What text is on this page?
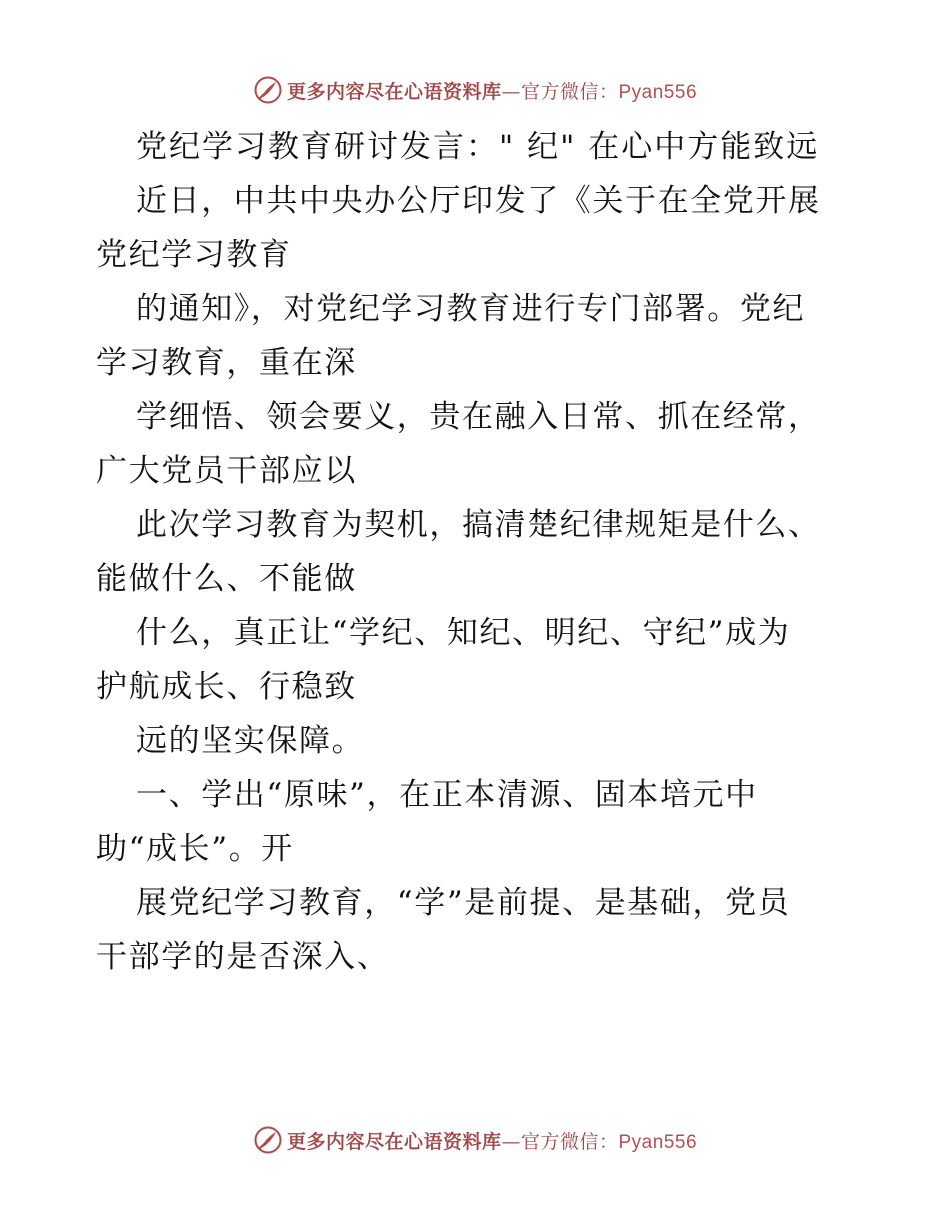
更多内容尽在心语资料库—官方微信：Pyan556
党纪学习教育研讨发言：" 纪" 在心中方能致远
近日，中共中央办公厅印发了《关于在全党开展
党纪学习教育
的通知》，对党纪学习教育进行专门部署。党纪
学习教育，重在深
学细悟、领会要义，贵在融入日常、抓在经常，
广大党员干部应以
此次学习教育为契机，搞清楚纪律规矩是什么、
能做什么、不能做
什么，真正让“学纪、知纪、明纪、守纪”成为
护航成长、行稳致
远的坚实保障。
一、学出“原味”，在正本清源、固本培元中
助“成长”。开
展党纪学习教育，“学”是前提、是基础，党员
干部学的是否深入、
更多内容尽在心语资料库—官方微信：Pyan556
